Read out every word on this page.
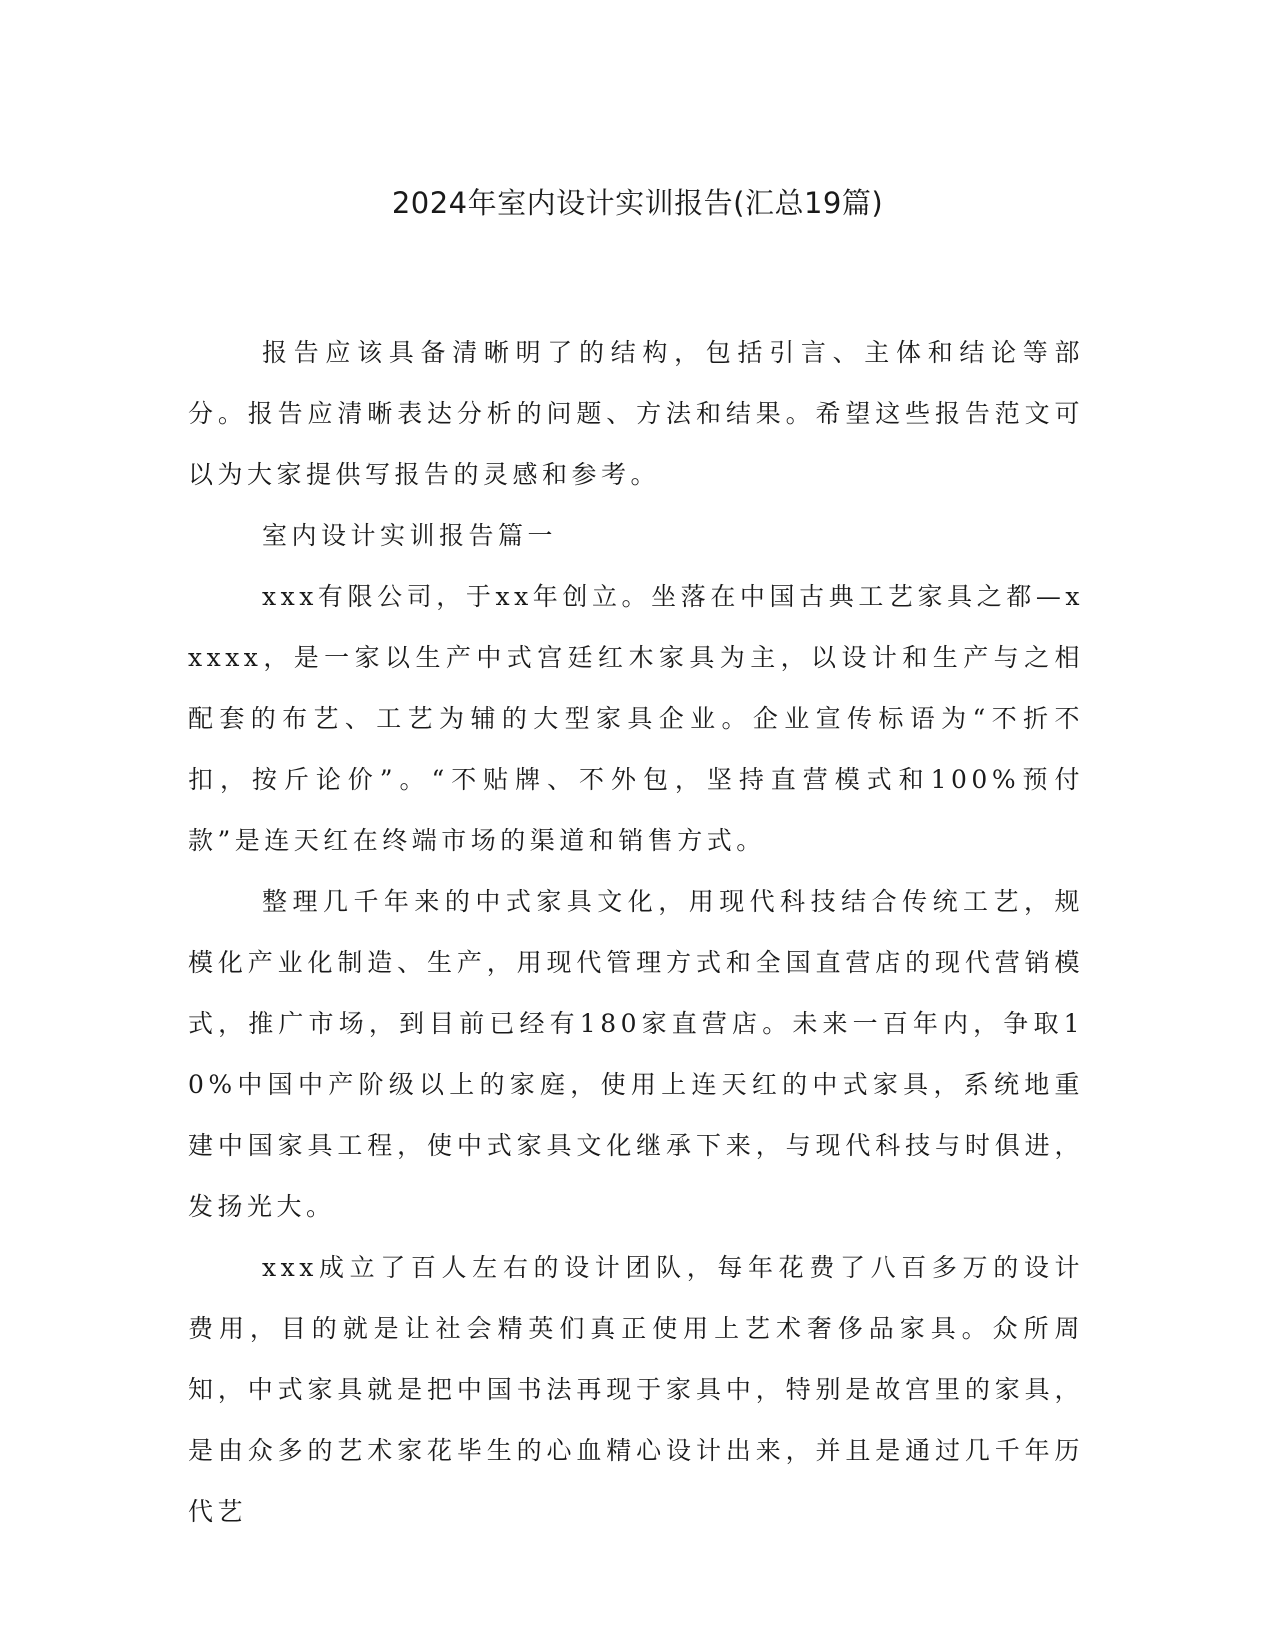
2024年室内设计实训报告(汇总19篇)

报告应该具备清晰明了的结构，包括引言、主体和结论等部分。报告应清晰表达分析的问题、方法和结果。希望这些报告范文可以为大家提供写报告的灵感和参考。

室内设计实训报告篇一

xxx有限公司，于xx年创立。坐落在中国古典工艺家具之都—xxxxx，是一家以生产中式宫廷红木家具为主，以设计和生产与之相配套的布艺、工艺为辅的大型家具企业。企业宣传标语为“不折不扣，按斤论价”。“不贴牌、不外包，坚持直营模式和100%预付款”是连天红在终端市场的渠道和销售方式。

整理几千年来的中式家具文化，用现代科技结合传统工艺，规模化产业化制造、生产，用现代管理方式和全国直营店的现代营销模式，推广市场，到目前已经有180家直营店。未来一百年内，争取10%中国中产阶级以上的家庭，使用上连天红的中式家具，系统地重建中国家具工程，使中式家具文化继承下来，与现代科技与时俱进，发扬光大。

xxx成立了百人左右的设计团队，每年花费了八百多万的设计费用，目的就是让社会精英们真正使用上艺术奢侈品家具。众所周知，中式家具就是把中国书法再现于家具中，特别是故宫里的家具，是由众多的艺术家花毕生的心血精心设计出来，并且是通过几千年历代艺
